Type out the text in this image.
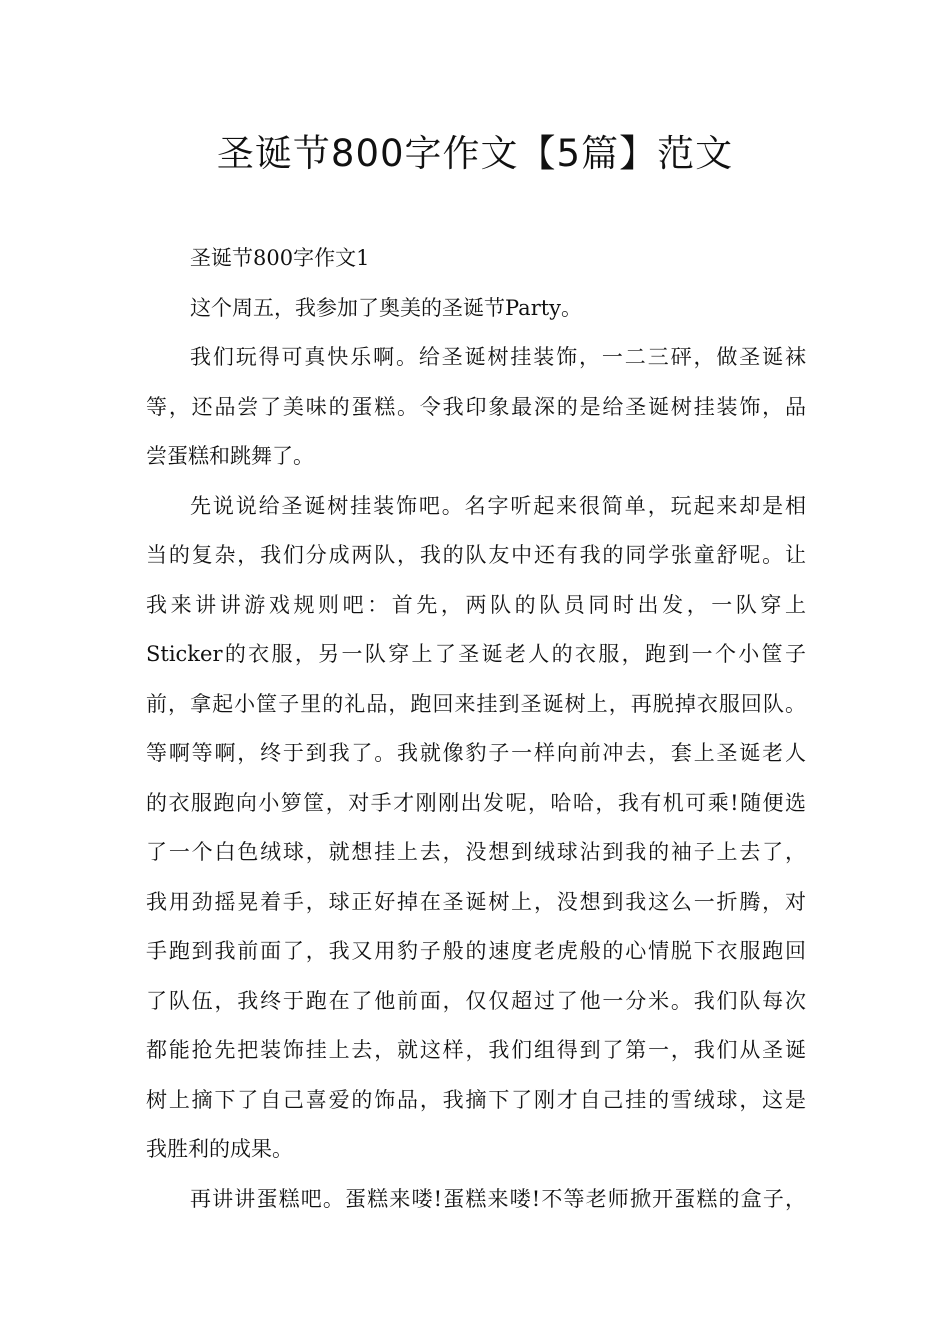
圣诞节800字作文【5篇】范文
圣诞节800字作文1
这个周五，我参加了奥美的圣诞节Party。
我们玩得可真快乐啊。给圣诞树挂装饰，一二三砰，做圣诞袜
等，还品尝了美味的蛋糕。令我印象最深的是给圣诞树挂装饰，品
尝蛋糕和跳舞了。
先说说给圣诞树挂装饰吧。名字听起来很简单，玩起来却是相
当的复杂，我们分成两队，我的队友中还有我的同学张童舒呢。让
我来讲讲游戏规则吧：首先，两队的队员同时出发，一队穿上
Sticker的衣服，另一队穿上了圣诞老人的衣服，跑到一个小筐子
前，拿起小筐子里的礼品，跑回来挂到圣诞树上，再脱掉衣服回队。
等啊等啊，终于到我了。我就像豹子一样向前冲去，套上圣诞老人
的衣服跑向小箩筐，对手才刚刚出发呢，哈哈，我有机可乘!随便选
了一个白色绒球，就想挂上去，没想到绒球沾到我的袖子上去了，
我用劲摇晃着手，球正好掉在圣诞树上，没想到我这么一折腾，对
手跑到我前面了，我又用豹子般的速度老虎般的心情脱下衣服跑回
了队伍，我终于跑在了他前面，仅仅超过了他一分米。我们队每次
都能抢先把装饰挂上去，就这样，我们组得到了第一，我们从圣诞
树上摘下了自己喜爱的饰品，我摘下了刚才自己挂的雪绒球，这是
我胜利的成果。
再讲讲蛋糕吧。蛋糕来喽!蛋糕来喽!不等老师掀开蛋糕的盒子，
